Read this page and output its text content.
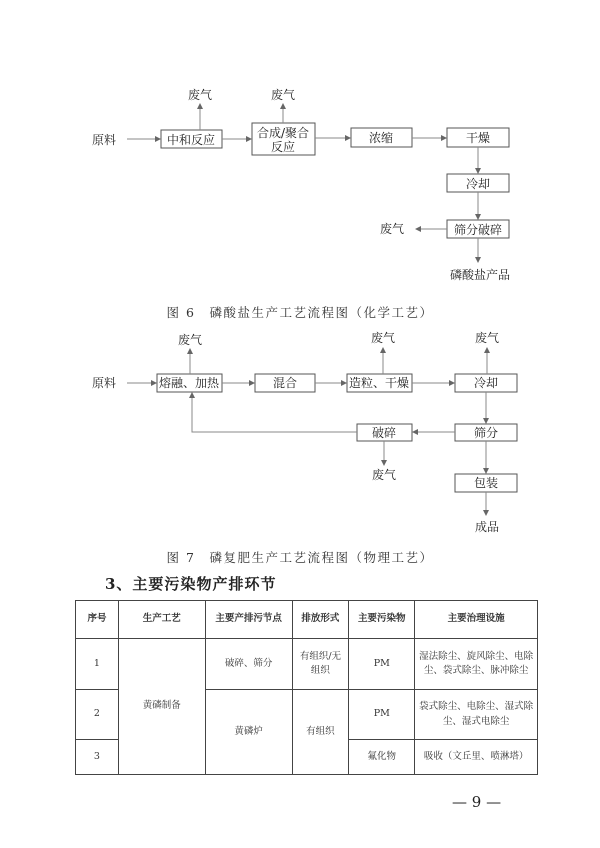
原料	中和反应
废气
合成/聚合
反应
废气
浓缩	干燥
冷却
筛分破碎
废气
磷酸盐产品
图 6　磷酸盐生产工艺流程图（化学工艺）
原料	熔融、加热
废气
混合	造粒、干燥
废气
冷却
废气
筛分
破碎
废气
包装
成品
图 7　磷复肥生产工艺流程图（物理工艺）
3、主要污染物产排环节
序号	生产工艺	主要产排污节点	排放形式	主要污染物	主要治理设施
1	黄磷制备	破碎、筛分	有组织/无组织	PM	湿法除尘、旋风除尘、电除尘、袋式除尘、脉冲除尘
2		黄磷炉	有组织	PM	袋式除尘、电除尘、湿式除尘、湿式电除尘
3				氟化物	吸收（文丘里、喷淋塔）
— 9 —
